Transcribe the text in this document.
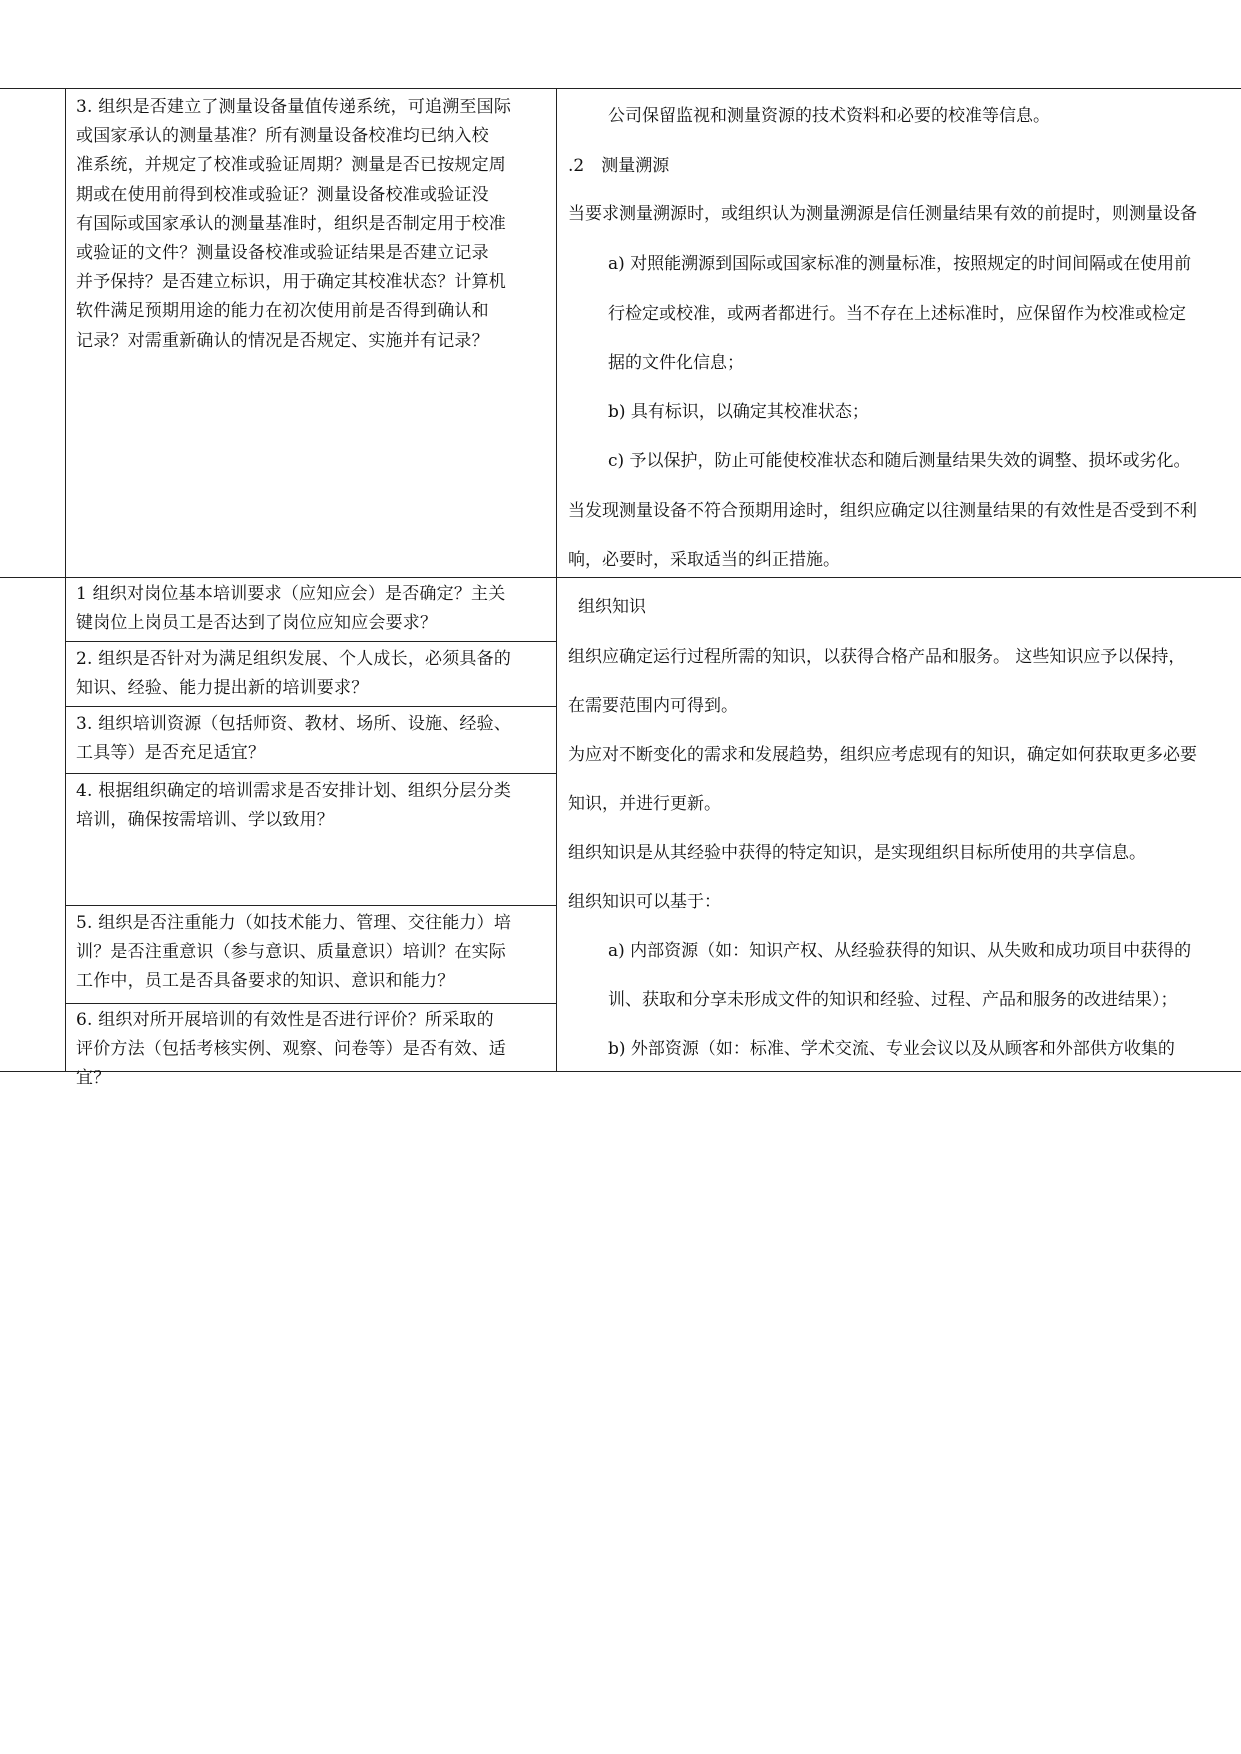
3. 组织是否建立了测量设备量值传递系统，可追溯至国际
或国家承认的测量基准？所有测量设备校准均已纳入校
准系统，并规定了校准或验证周期？测量是否已按规定周
期或在使用前得到校准或验证？测量设备校准或验证没
有国际或国家承认的测量基准时，组织是否制定用于校准
或验证的文件？测量设备校准或验证结果是否建立记录
并予保持？是否建立标识，用于确定其校准状态？计算机
软件满足预期用途的能力在初次使用前是否得到确认和
记录？对需重新确认的情况是否规定、实施并有记录？
公司保留监视和测量资源的技术资料和必要的校准等信息。
.2　测量溯源
当要求测量溯源时，或组织认为测量溯源是信任测量结果有效的前提时，则测量设备
a) 对照能溯源到国际或国家标准的测量标准，按照规定的时间间隔或在使用前
行检定或校准，或两者都进行。当不存在上述标准时，应保留作为校准或检定
据的文件化信息；
b) 具有标识，以确定其校准状态；
c) 予以保护，防止可能使校准状态和随后测量结果失效的调整、损坏或劣化。
当发现测量设备不符合预期用途时，组织应确定以往测量结果的有效性是否受到不利
响，必要时，采取适当的纠正措施。
1 组织对岗位基本培训要求（应知应会）是否确定？主关
键岗位上岗员工是否达到了岗位应知应会要求？
2. 组织是否针对为满足组织发展、个人成长，必须具备的
知识、经验、能力提出新的培训要求？
3. 组织培训资源（包括师资、教材、场所、设施、经验、
工具等）是否充足适宜？
4. 根据组织确定的培训需求是否安排计划、组织分层分类
培训，确保按需培训、学以致用？
5. 组织是否注重能力（如技术能力、管理、交往能力）培
训？是否注重意识（参与意识、质量意识）培训？在实际
工作中，员工是否具备要求的知识、意识和能力？
6. 组织对所开展培训的有效性是否进行评价？所采取的
评价方法（包括考核实例、观察、问卷等）是否有效、适
宜？
组织知识
组织应确定运行过程所需的知识，以获得合格产品和服务。 这些知识应予以保持，
在需要范围内可得到。
为应对不断变化的需求和发展趋势，组织应考虑现有的知识，确定如何获取更多必要
知识，并进行更新。
组织知识是从其经验中获得的特定知识，是实现组织目标所使用的共享信息。
组织知识可以基于：
a) 内部资源（如：知识产权、从经验获得的知识、从失败和成功项目中获得的
训、获取和分享未形成文件的知识和经验、过程、产品和服务的改进结果）；
b) 外部资源（如：标准、学术交流、专业会议以及从顾客和外部供方收集的
